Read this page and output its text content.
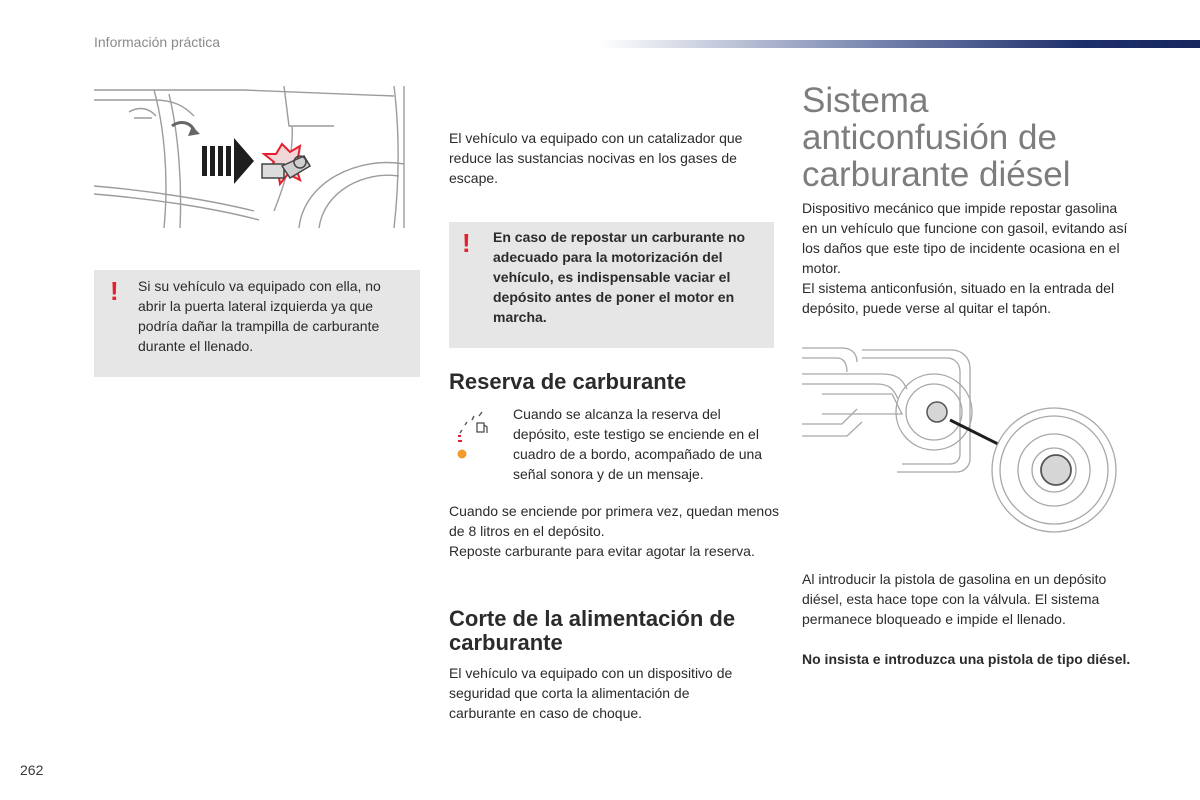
Información práctica
! Si su vehículo va equipado con ella, no abrir la puerta lateral izquierda ya que podría dañar la trampilla de carburante durante el llenado.
El vehículo va equipado con un catalizador que reduce las sustancias nocivas en los gases de escape.
! En caso de repostar un carburante no adecuado para la motorización del vehículo, es indispensable vaciar el depósito antes de poner el motor en marcha.
Reserva de carburante
Cuando se alcanza la reserva del depósito, este testigo se enciende en el cuadro de a bordo, acompañado de una señal sonora y de un mensaje.
Cuando se enciende por primera vez, quedan menos de 8 litros en el depósito.
Reposte carburante para evitar agotar la reserva.
Corte de la alimentación de carburante
El vehículo va equipado con un dispositivo de seguridad que corta la alimentación de carburante en caso de choque.
Sistema anticonfusión de carburante diésel
Dispositivo mecánico que impide repostar gasolina en un vehículo que funcione con gasoil, evitando así los daños que este tipo de incidente ocasiona en el motor.
El sistema anticonfusión, situado en la entrada del depósito, puede verse al quitar el tapón.
Al introducir la pistola de gasolina en un depósito diésel, esta hace tope con la válvula. El sistema permanece bloqueado e impide el llenado.
No insista e introduzca una pistola de tipo diésel.
262
